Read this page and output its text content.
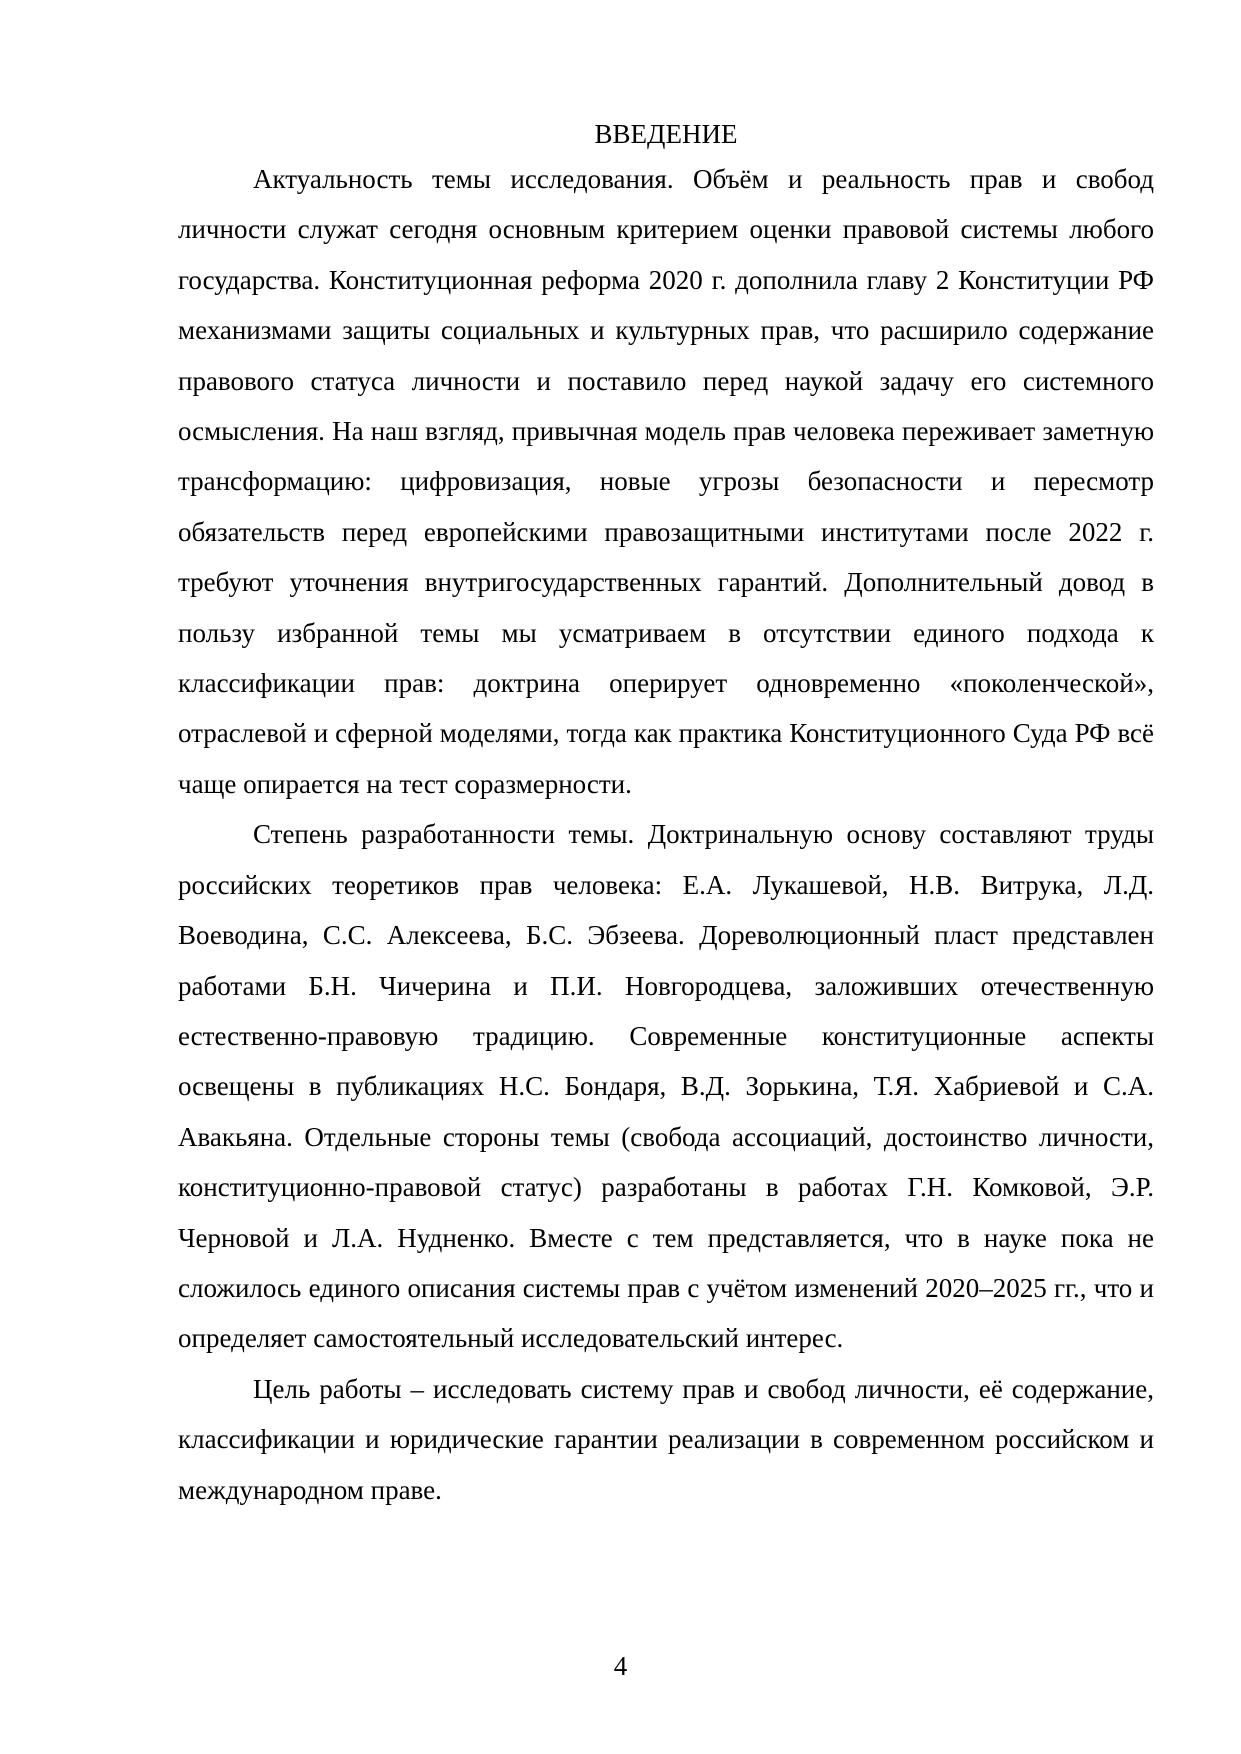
ВВЕДЕНИЕ

Актуальность темы исследования. Объём и реальность прав и свобод личности служат сегодня основным критерием оценки правовой системы любого государства. Конституционная реформа 2020 г. дополнила главу 2 Конституции РФ механизмами защиты социальных и культурных прав, что расширило содержание правового статуса личности и поставило перед наукой задачу его системного осмысления. На наш взгляд, привычная модель прав человека переживает заметную трансформацию: цифровизация, новые угрозы безопасности и пересмотр обязательств перед европейскими правозащитными институтами после 2022 г. требуют уточнения внутригосударственных гарантий. Дополнительный довод в пользу избранной темы мы усматриваем в отсутствии единого подхода к классификации прав: доктрина оперирует одновременно «поколенческой», отраслевой и сферной моделями, тогда как практика Конституционного Суда РФ всё чаще опирается на тест соразмерности.

Степень разработанности темы. Доктринальную основу составляют труды российских теоретиков прав человека: Е.А. Лукашевой, Н.В. Витрука, Л.Д. Воеводина, С.С. Алексеева, Б.С. Эбзеева. Дореволюционный пласт представлен работами Б.Н. Чичерина и П.И. Новгородцева, заложивших отечественную естественно-правовую традицию. Современные конституционные аспекты освещены в публикациях Н.С. Бондаря, В.Д. Зорькина, Т.Я. Хабриевой и С.А. Авакьяна. Отдельные стороны темы (свобода ассоциаций, достоинство личности, конституционно-правовой статус) разработаны в работах Г.Н. Комковой, Э.Р. Черновой и Л.А. Нудненко. Вместе с тем представляется, что в науке пока не сложилось единого описания системы прав с учётом изменений 2020–2025 гг., что и определяет самостоятельный исследовательский интерес.

Цель работы – исследовать систему прав и свобод личности, её содержание, классификации и юридические гарантии реализации в современном российском и международном праве.

4
